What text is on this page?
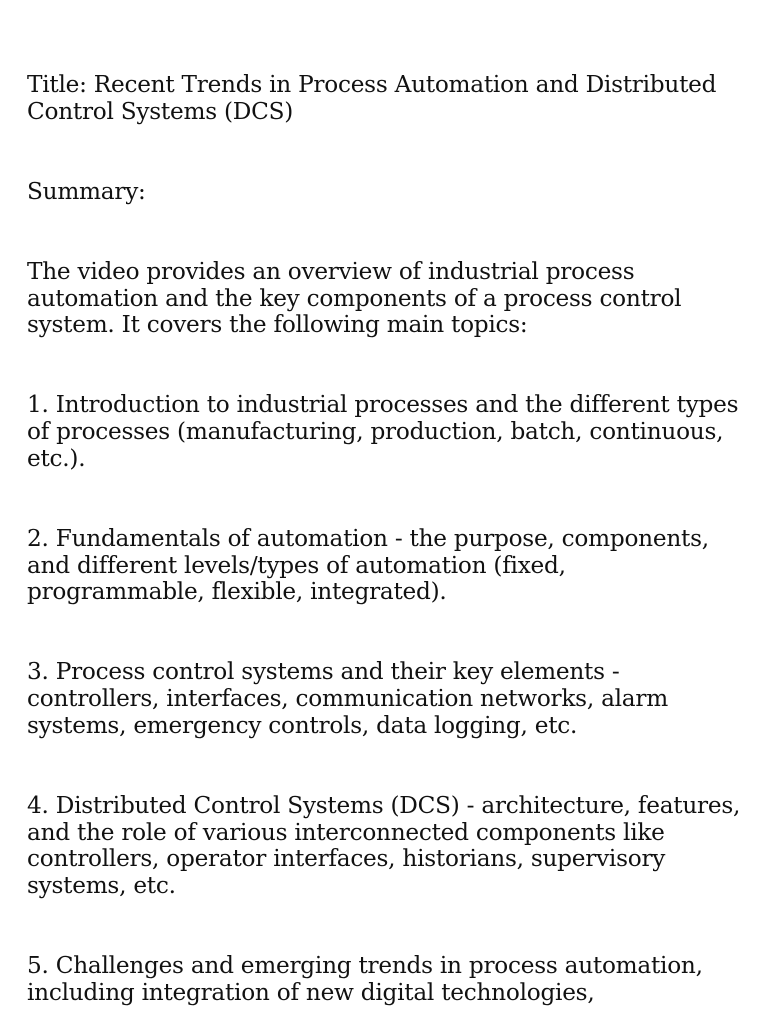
Title: Recent Trends in Process Automation and Distributed Control Systems (DCS)

Summary:

The video provides an overview of industrial process automation and the key components of a process control system. It covers the following main topics:

1. Introduction to industrial processes and the different types of processes (manufacturing, production, batch, continuous, etc.).

2. Fundamentals of automation - the purpose, components, and different levels/types of automation (fixed, programmable, flexible, integrated).

3. Process control systems and their key elements - controllers, interfaces, communication networks, alarm systems, emergency controls, data logging, etc.

4. Distributed Control Systems (DCS) - architecture, features, and the role of various interconnected components like controllers, operator interfaces, historians, supervisory systems, etc.

5. Challenges and emerging trends in process automation, including integration of new digital technologies,
